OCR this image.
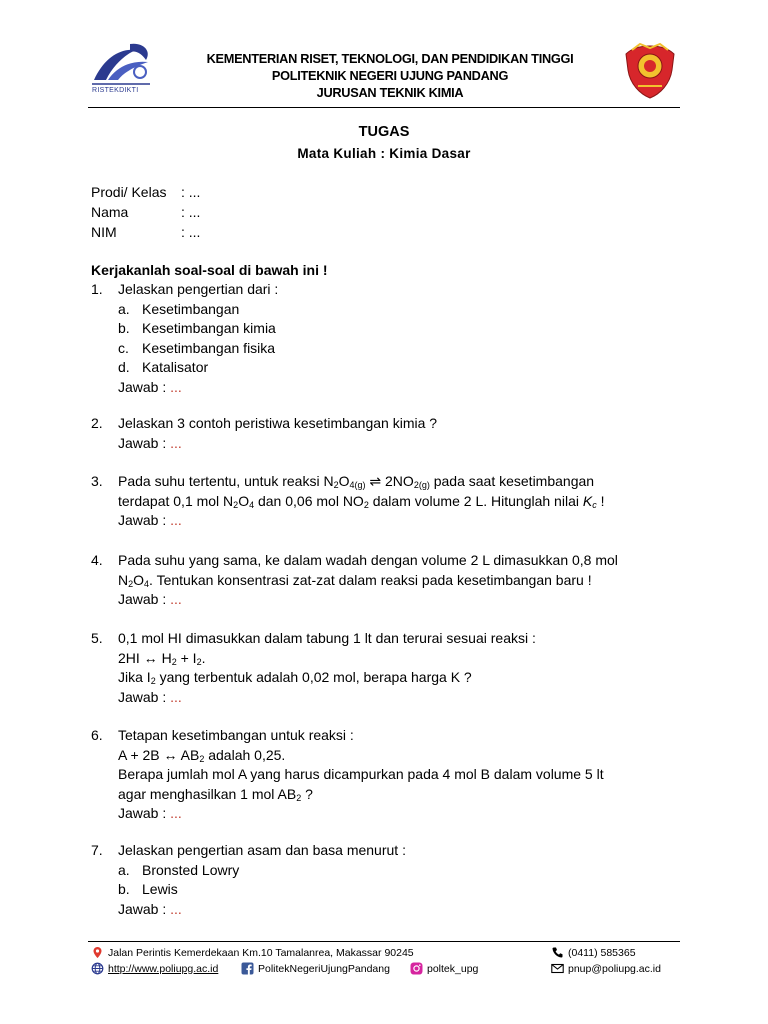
RISTEKDIKTI
KEMENTERIAN RISET, TEKNOLOGI, DAN PENDIDIKAN TINGGI
POLITEKNIK NEGERI UJUNG PANDANG
JURUSAN TEKNIK KIMIA
TUGAS
Mata Kuliah : Kimia Dasar
Prodi/ Kelas : ...
Nama	: ...
NIM	: ...
Kerjakanlah soal-soal di bawah ini !
1. Jelaskan pengertian dari :
a. Kesetimbangan
b. Kesetimbangan kimia
c. Kesetimbangan fisika
d. Katalisator
Jawab : ...
2. Jelaskan 3 contoh peristiwa kesetimbangan kimia ?
Jawab : ...
3. Pada suhu tertentu, untuk reaksi $N_2O_{4(g)}$ ⇌ $2NO_{2(g)}$ pada saat kesetimbangan
terdapat 0,1 mol $N_2O_4$ dan 0,06 mol $NO_2$ dalam volume 2 L. Hitunglah nilai $K_c$ !
Jawab : ...
4. Pada suhu yang sama, ke dalam wadah dengan volume 2 L dimasukkan 0,8 mol
$N_2O_4$. Tentukan konsentrasi zat-zat dalam reaksi pada kesetimbangan baru !
Jawab : ...
5. 0,1 mol HI dimasukkan dalam tabung 1 lt dan terurai sesuai reaksi :
2HI ↔ $H_2 + I_2$.
Jika $I_2$ yang terbentuk adalah 0,02 mol, berapa harga K ?
Jawab : ...
6. Tetapan kesetimbangan untuk reaksi :
A + 2B ↔ $AB_2$ adalah 0,25.
Berapa jumlah mol A yang harus dicampurkan pada 4 mol B dalam volume 5 lt
agar menghasilkan 1 mol $AB_2$ ?
Jawab : ...
7. Jelaskan pengertian asam dan basa menurut :
a. Bronsted Lowry
b. Lewis
Jawab : ...
Jalan Perintis Kemerdekaan Km.10 Tamalanrea, Makassar 90245	(0411) 585365
http://www.poliupg.ac.id	PolitekNegeriUjungPandang	poltek_upg	pnup@poliupg.ac.id
